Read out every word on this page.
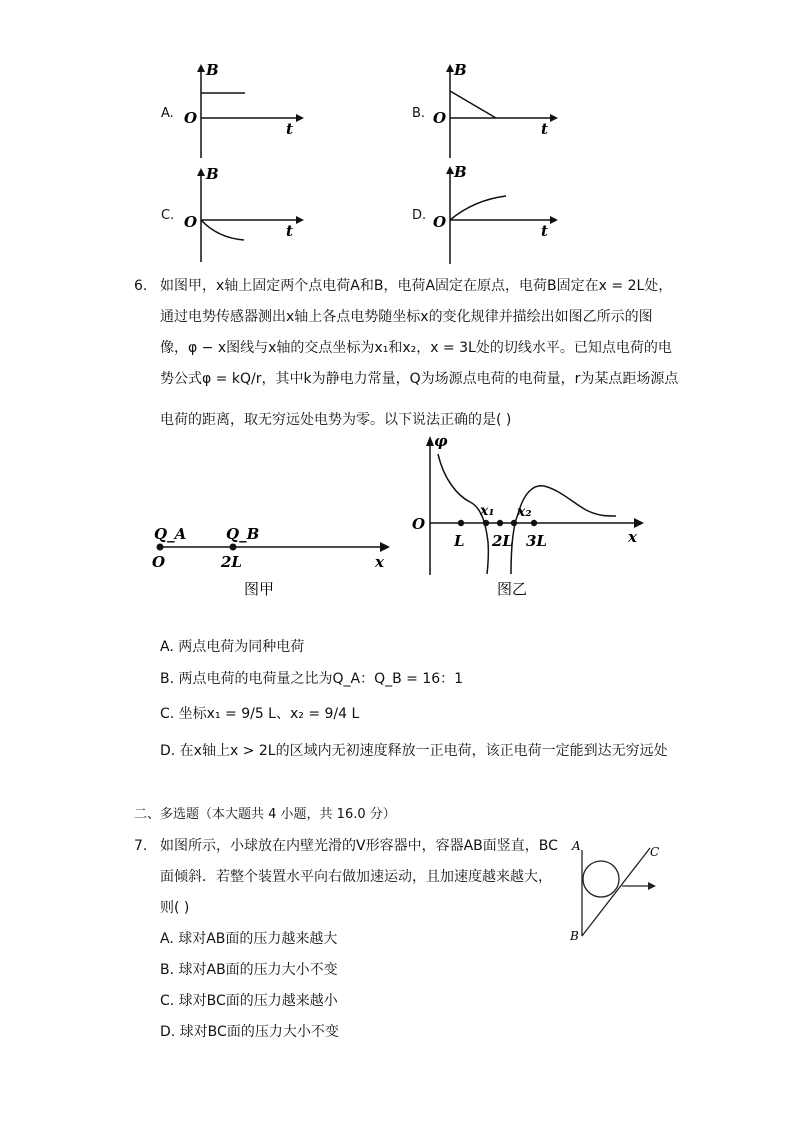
A.
B
O
t
B.
B
O
t
C.
B
O	t
D.
B
O	t
6. 如图甲，x轴上固定两个点电荷A和B，电荷A固定在原点，电荷B固定在x = 2L处，
通过电势传感器测出x轴上各点电势随坐标x的变化规律并描绘出如图乙所示的图
像，φ − x图线与x轴的交点坐标为x₁和x₂，x = 3L处的切线水平。已知点电荷的电
势公式φ = kQ/r，其中k为静电力常量，Q为场源点电荷的电荷量，r为某点距场源点
电荷的距离，取无穷远处电势为零。以下说法正确的是( )
Q_A	Q_B
O	2L	x
图甲
φ
O
x₁ x₂
L 2L 3L	x
图乙
A. 两点电荷为同种电荷
B. 两点电荷的电荷量之比为Q_A：Q_B = 16：1
C. 坐标x₁ = 9/5 L、x₂ = 9/4 L
D. 在x轴上x > 2L的区域内无初速度释放一正电荷，该正电荷一定能到达无穷远处
二、多选题（本大题共 4 小题，共 16.0 分）
7. 如图所示，小球放在内壁光滑的V形容器中，容器AB面竖直，BC
面倾斜．若整个装置水平向右做加速运动，且加速度越来越大，
则( )
A
B
C
A. 球对AB面的压力越来越大
B. 球对AB面的压力大小不变
C. 球对BC面的压力越来越小
D. 球对BC面的压力大小不变
